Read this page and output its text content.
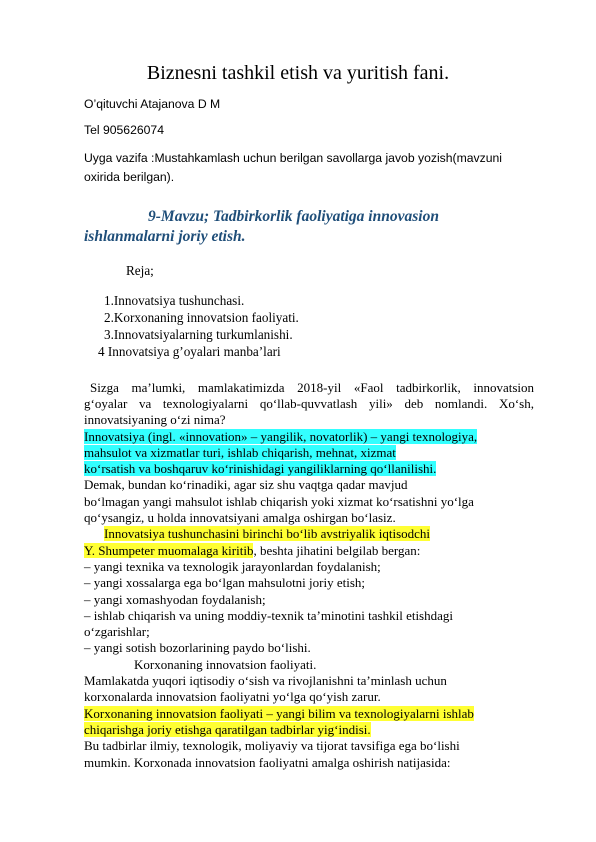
Biznesni tashkil etish va yuritish fani.
O’qituvchi Atajanova D M
Tel 905626074
Uyga vazifa :Mustahkamlash uchun berilgan savollarga javob yozish(mavzuni
oxirida berilgan).
9-Mavzu; Tadbirkorlik faoliyatiga innovasion
ishlanmalarni joriy etish.
Reja;
1.Innovatsiya tushunchasi.
2.Korxonaning innovatsion faoliyati.
3.Innovatsiyalarning turkumlanishi.
4 Innovatsiya g’oyalari manba’lari
Sizga ma’lumki, mamlakatimizda 2018-yil «Faol tadbirkorlik, innovatsion
g‘oyalar va texnologiyalarni qo‘llab-quvvatlash yili» deb nomlandi. Xo‘sh,
innovatsiyaning o‘zi nima?
Innovatsiya (ingl. «innovation» – yangilik, novatorlik) – yangi texnologiya,
mahsulot va xizmatlar turi, ishlab chiqarish, mehnat, xizmat
ko‘rsatish va boshqaruv ko‘rinishidagi yangiliklarning qo‘llanilishi.
Demak, bundan ko‘rinadiki, agar siz shu vaqtga qadar mavjud
bo‘lmagan yangi mahsulot ishlab chiqarish yoki xizmat ko‘rsatishni yo‘lga
qo‘ysangiz, u holda innovatsiyani amalga oshirgan bo‘lasiz.
Innovatsiya tushunchasini birinchi bo‘lib avstriyalik iqtisodchi
Y. Shumpeter muomalaga kiritib, beshta jihatini belgilab bergan:
– yangi texnika va texnologik jarayonlardan foydalanish;
– yangi xossalarga ega bo‘lgan mahsulotni joriy etish;
– yangi xomashyodan foydalanish;
– ishlab chiqarish va uning moddiy-texnik ta’minotini tashkil etishdagi
o‘zgarishlar;
– yangi sotish bozorlarining paydo bo‘lishi.
Korxonaning innovatsion faoliyati.
Mamlakatda yuqori iqtisodiy o‘sish va rivojlanishni ta’minlash uchun
korxonalarda innovatsion faoliyatni yo‘lga qo‘yish zarur.
Korxonaning innovatsion faoliyati – yangi bilim va texnologiyalarni ishlab
chiqarishga joriy etishga qaratilgan tadbirlar yig‘indisi.
Bu tadbirlar ilmiy, texnologik, moliyaviy va tijorat tavsifiga ega bo‘lishi
mumkin. Korxonada innovatsion faoliyatni amalga oshirish natijasida:
